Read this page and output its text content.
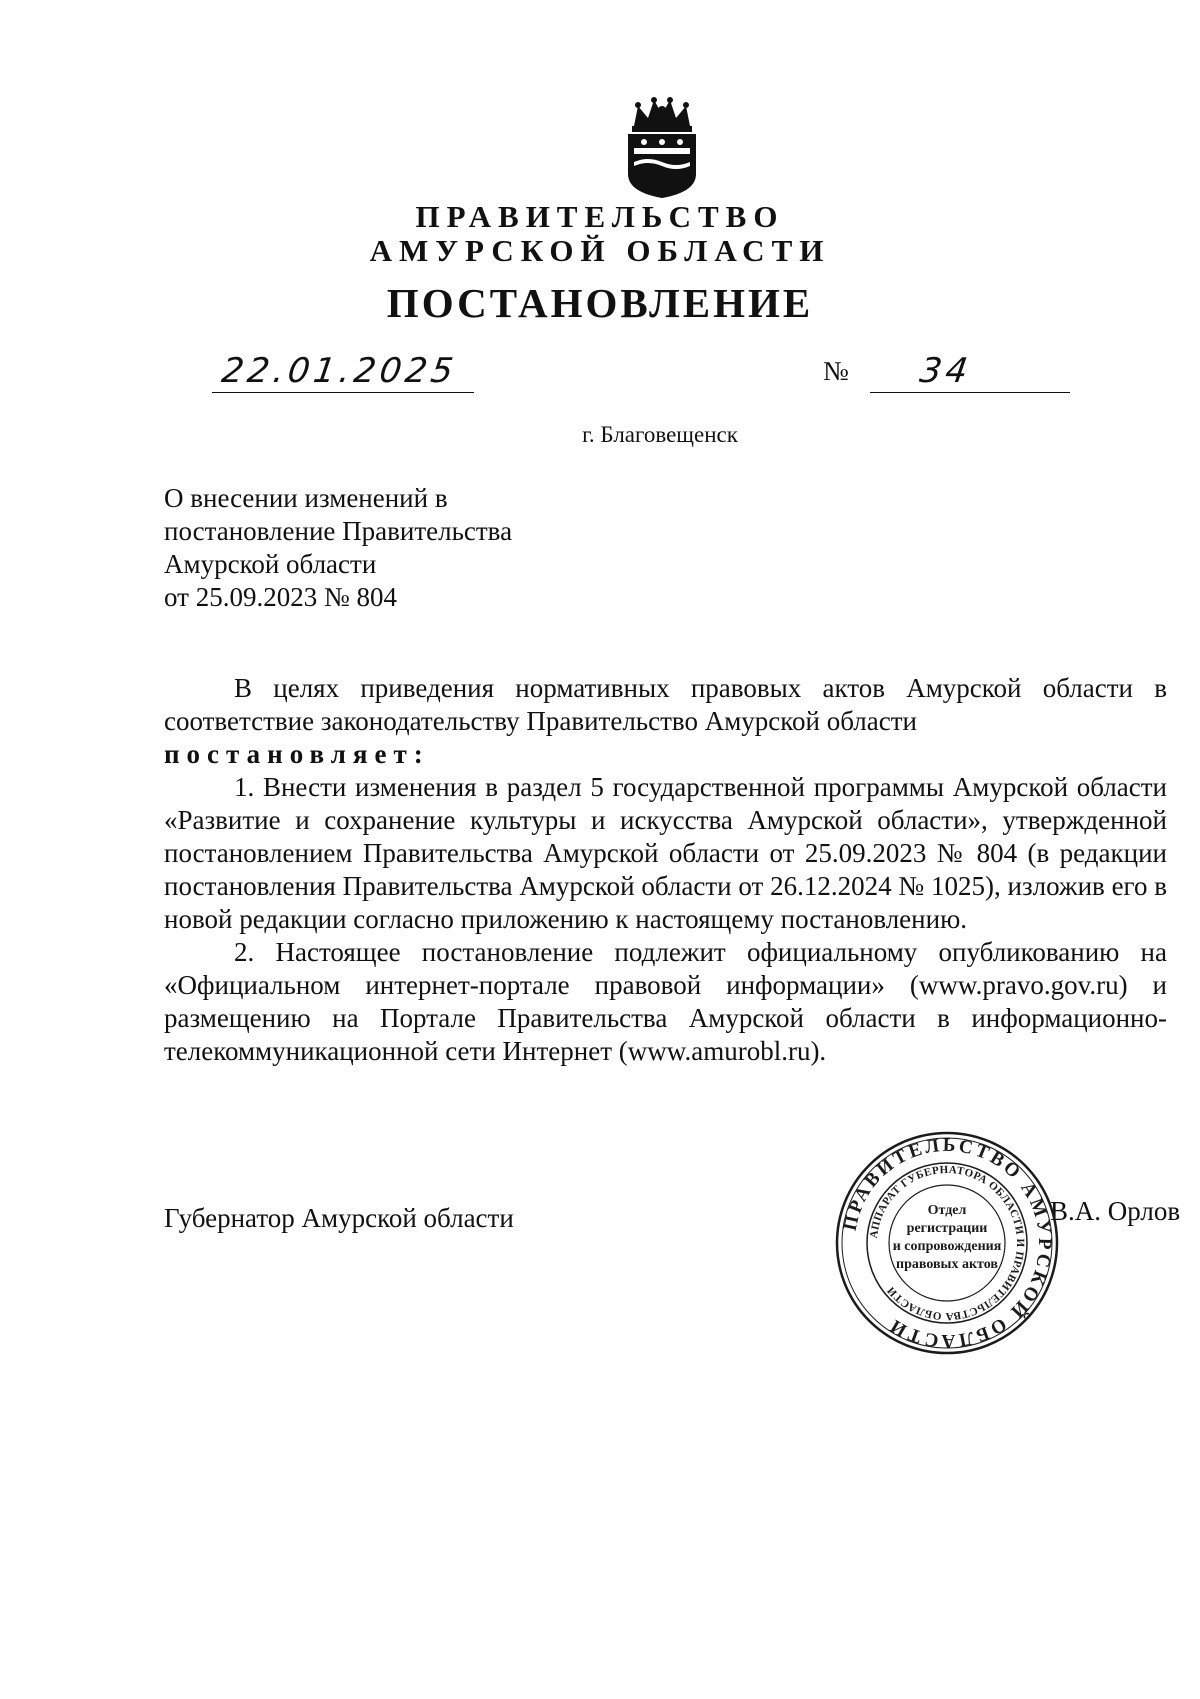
ПРАВИТЕЛЬСТВО
АМУРСКОЙ ОБЛАСТИ
ПОСТАНОВЛЕНИЕ
22.01.2025	№ 34
г. Благовещенск
О внесении изменений в
постановление Правительства
Амурской области
от 25.09.2023 № 804

В целях приведения нормативных правовых актов Амурской области в соответствие законодательству Правительство Амурской области

постановляет:

1. Внести изменения в раздел 5 государственной программы Амурской области «Развитие и сохранение культуры и искусства Амурской области», утвержденной постановлением Правительства Амурской области от 25.09.2023 № 804 (в редакции постановления Правительства Амурской области от 26.12.2024 № 1025), изложив его в новой редакции согласно приложению к настоящему постановлению.

2. Настоящее постановление подлежит официальному опубликованию на «Официальном интернет-портале правовой информации» (www.pravo.gov.ru) и размещению на Портале Правительства Амурской области в информационно-телекоммуникационной сети Интернет (www.amurobl.ru).

Губернатор Амурской области	В.А. Орлов
ПРАВИТЕЛЬСТВО АМУРСКОЙ ОБЛАСТИ
АППАРАТ ГУБЕРНАТОРА ОБЛАСТИ И ПРАВИТЕЛЬСТВА ОБЛАСТИ
Отдел
регистрации
и сопровождения
правовых актов
